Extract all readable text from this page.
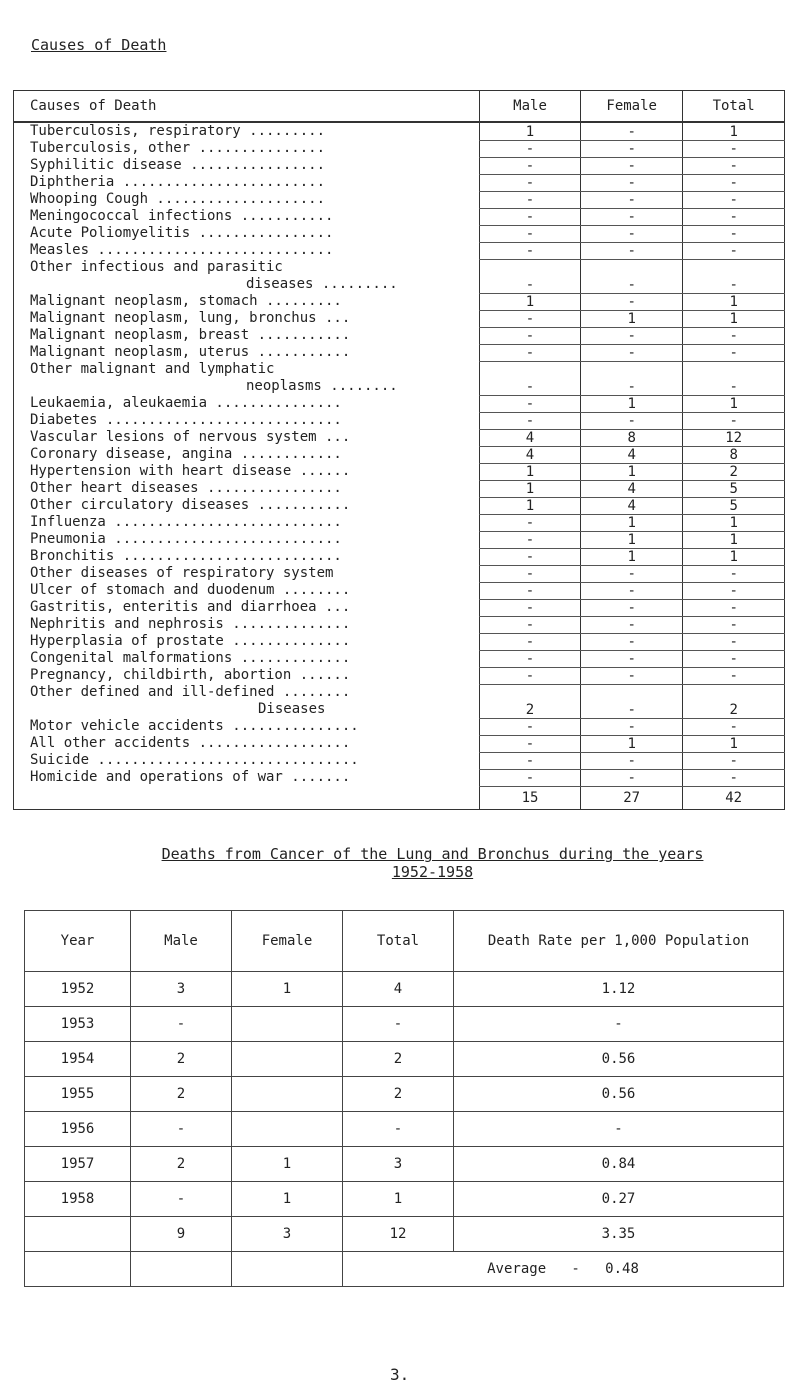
Causes of Death
Causes of Death	Male	Female	Total

Tuberculosis, respiratory .........	1	-	1

Tuberculosis, other ...............	-	-	-

Syphilitic disease ................	-	-	-

Diphtheria ........................	-	-	-

Whooping Cough ....................	-	-	-

Meningococcal infections ...........	-	-	-

Acute Poliomyelitis ................	-	-	-

Measles ............................	-	-	-

Other infectious and parasitic
diseases .........	-	-	-

Malignant neoplasm, stomach .........	1	-	1

Malignant neoplasm, lung, bronchus ...	-	1	1

Malignant neoplasm, breast ...........	-	-	-

Malignant neoplasm, uterus ...........	-	-	-

Other malignant and lymphatic
neoplasms ........	-	-	-

Leukaemia, aleukaemia ...............	-	1	1

Diabetes ............................	-	-	-

Vascular lesions of nervous system ...	4	8	12

Coronary disease, angina ............	4	4	8

Hypertension with heart disease ......	1	1	2

Other heart diseases ................	1	4	5

Other circulatory diseases ...........	1	4	5

Influenza ...........................	-	1	1

Pneumonia ...........................	-	1	1

Bronchitis ..........................	-	1	1

Other diseases of respiratory system	-	-	-

Ulcer of stomach and duodenum ........	-	-	-

Gastritis, enteritis and diarrhoea ...	-	-	-

Nephritis and nephrosis ..............	-	-	-

Hyperplasia of prostate ..............	-	-	-

Congenital malformations .............	-	-	-

Pregnancy, childbirth, abortion ......	-	-	-

Other defined and ill-defined ........
Diseases	2	-	2

Motor vehicle accidents ...............	-	-	-

All other accidents ..................	-	1	1

Suicide ...............................	-	-	-

Homicide and operations of war .......	-	-	-
	15	27	42
Deaths from Cancer of the Lung and Bronchus during the years
1952-1958
Year	Male	Female	Total	Death Rate per 1,000 Population
1952	3	1	4	1.12
1953	-		-	-
1954	2		2	0.56
1955	2		2	0.56
1956	-		-	-
1957	2	1	3	0.84
1958	-	1	1	0.27
	9	3	12	3.35
			Average   -   0.48	
3.
